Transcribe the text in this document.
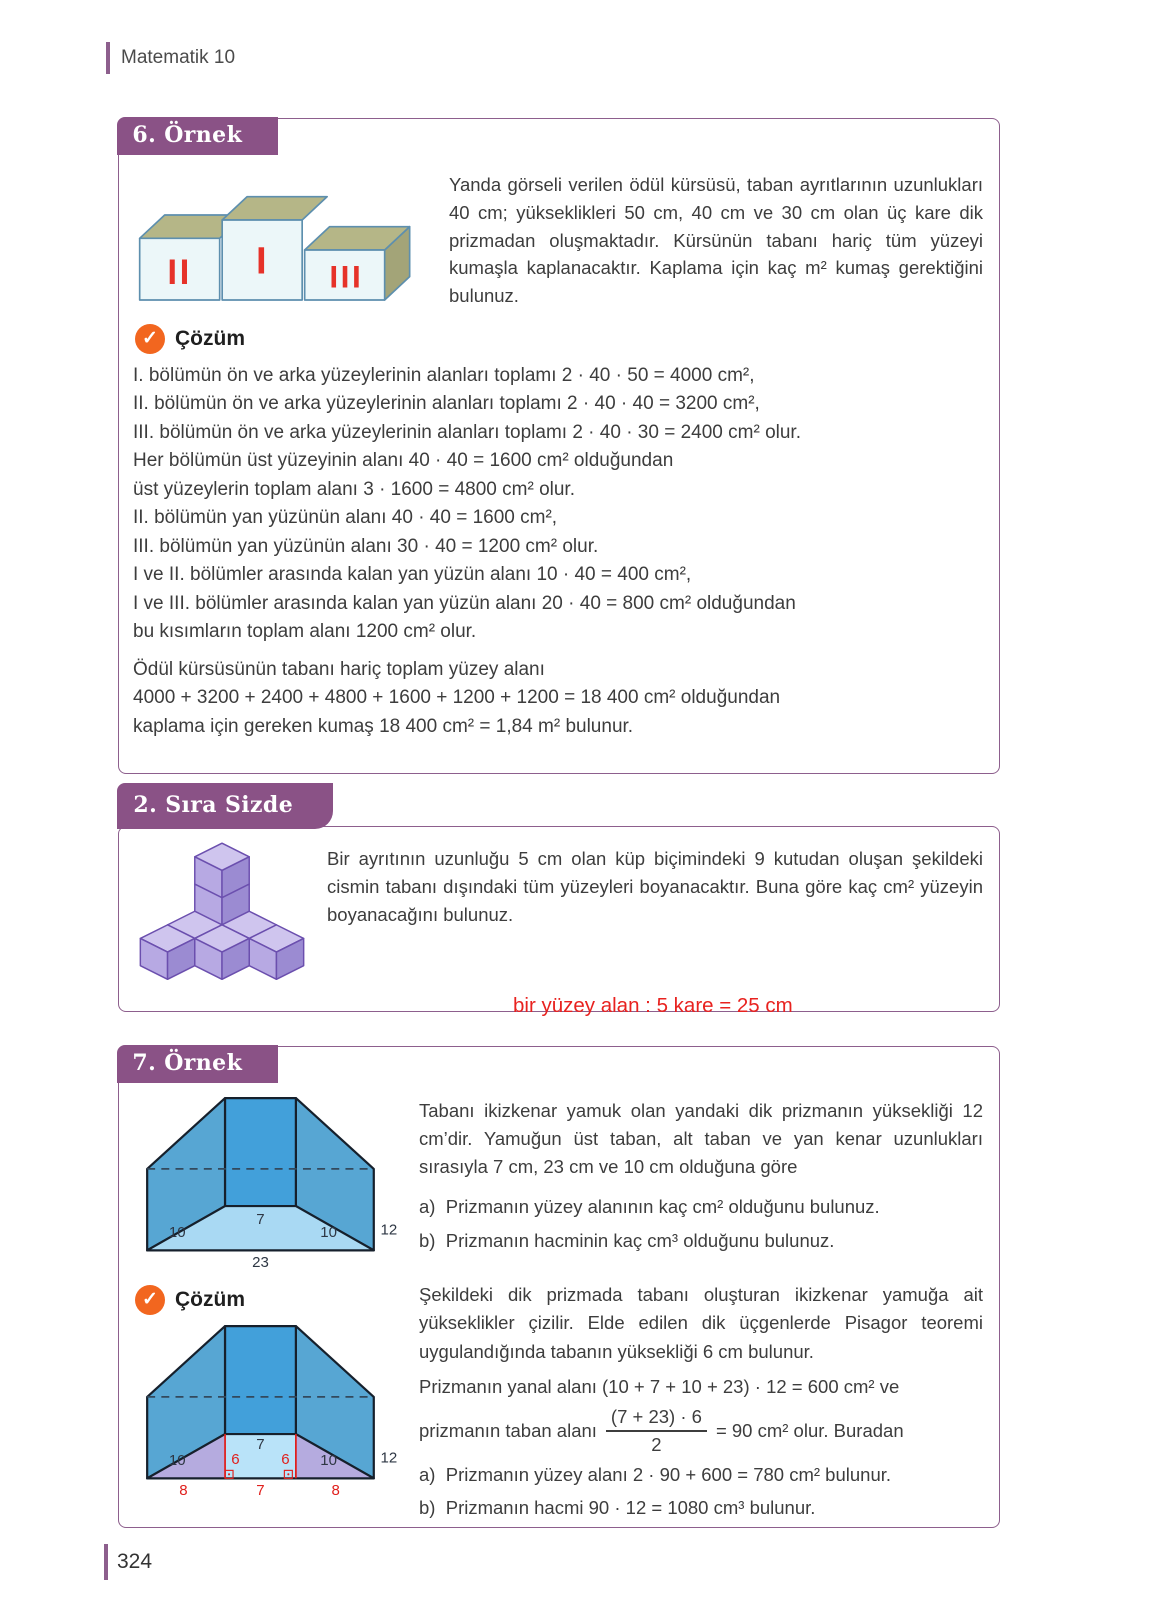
Matematik 10
6. Örnek
I
II	III
Yanda görseli verilen ödül kürsüsü, taban ayrıtlarının uzunlukları 40 cm; yükseklikleri 50 cm, 40 cm ve 30 cm olan üç kare dik prizmadan oluşmaktadır. Kürsünün tabanı hariç tüm yüzeyi kumaşla kaplanacaktır. Kaplama için kaç m² kumaş gerektiğini bulunuz.
✓ Çözüm
I. bölümün ön ve arka yüzeylerinin alanları toplamı 2 · 40 · 50 = 4000 cm²,
II. bölümün ön ve arka yüzeylerinin alanları toplamı 2 · 40 · 40 = 3200 cm²,
III. bölümün ön ve arka yüzeylerinin alanları toplamı 2 · 40 · 30 = 2400 cm² olur.
Her bölümün üst yüzeyinin alanı 40 · 40 = 1600 cm² olduğundan
üst yüzeylerin toplam alanı 3 · 1600 = 4800 cm² olur.
II. bölümün yan yüzünün alanı 40 · 40 = 1600 cm²,
III. bölümün yan yüzünün alanı 30 · 40 = 1200 cm² olur.
I ve II. bölümler arasında kalan yan yüzün alanı 10 · 40 = 400 cm²,
I ve III. bölümler arasında kalan yan yüzün alanı 20 · 40 = 800 cm² olduğundan
bu kısımların toplam alanı 1200 cm² olur.
Ödül kürsüsünün tabanı hariç toplam yüzey alanı
4000 + 3200 + 2400 + 4800 + 1600 + 1200 + 1200 = 18 400 cm² olduğundan
kaplama için gereken kumaş 18 400 cm² = 1,84 m² bulunur.
2. Sıra Sizde
Bir ayrıtının uzunluğu 5 cm olan küp biçimindeki 9 kutudan oluşan şekildeki cismin tabanı dışındaki tüm yüzeyleri boyanacaktır. Buna göre kaç cm² yüzeyin boyanacağını bulunuz.

bir yüzey alan : 5 kare = 25 cm

7. Örnek
10
7
10	12
23
Tabanı ikizkenar yamuk olan yandaki dik prizmanın yüksekliği 12 cm’dir. Yamuğun üst taban, alt taban ve yan kenar uzunlukları sırasıyla 7 cm, 23 cm ve 10 cm olduğuna göre
a)  Prizmanın yüzey alanının kaç cm² olduğunu bulunuz.
b)  Prizmanın hacminin kaç cm³ olduğunu bulunuz.
✓ Çözüm
10
7
10	12
6 6
8	7	8
Şekildeki dik prizmada tabanı oluşturan ikizkenar yamuğa ait yükseklikler çizilir. Elde edilen dik üçgenlerde Pisagor teoremi uygulandığında tabanın yüksekliği 6 cm bulunur.
Prizmanın yanal alanı (10 + 7 + 10 + 23) · 12 = 600 cm² ve
prizmanın taban alanı $\frac{(7 + 23) \cdot 6}{2} = 90$ cm² olur. Buradan
a)  Prizmanın yüzey alanı 2 · 90 + 600 = 780 cm² bulunur.
b)  Prizmanın hacmi 90 · 12 = 1080 cm³ bulunur.
324
